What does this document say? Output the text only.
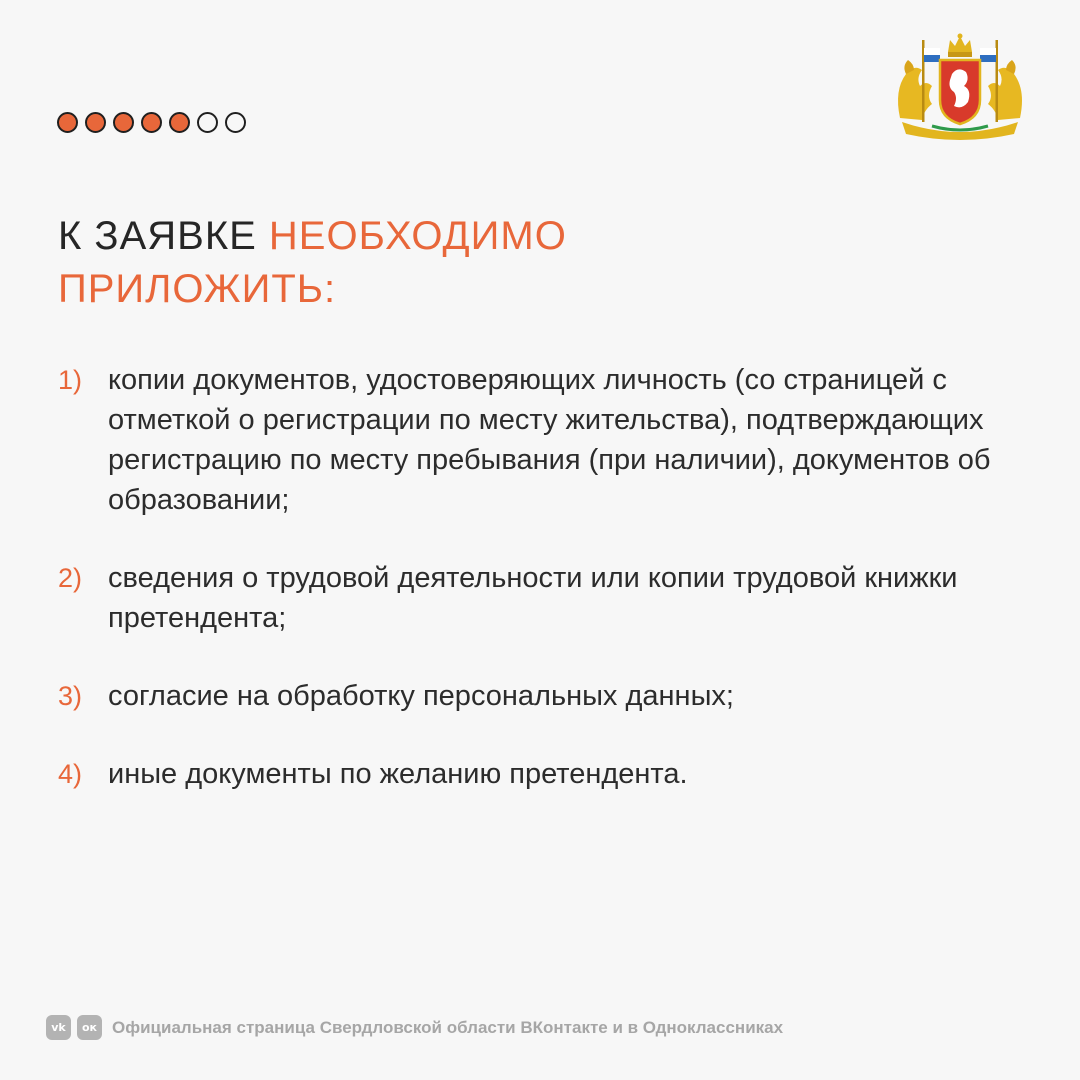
К ЗАЯВКЕ НЕОБХОДИМО
ПРИЛОЖИТЬ:
1) копии документов, удостоверяющих личность (со страницей с отметкой о регистрации по месту жительства), подтверждающих регистрацию по месту пребывания (при наличии), документов об образовании;
2) сведения о трудовой деятельности или копии трудовой книжки претендента;
3) согласие на обработку персональных данных;
4) иные документы по желанию претендента.
vk	ок Официальная страница Свердловской области ВКонтакте и в Одноклассниках
